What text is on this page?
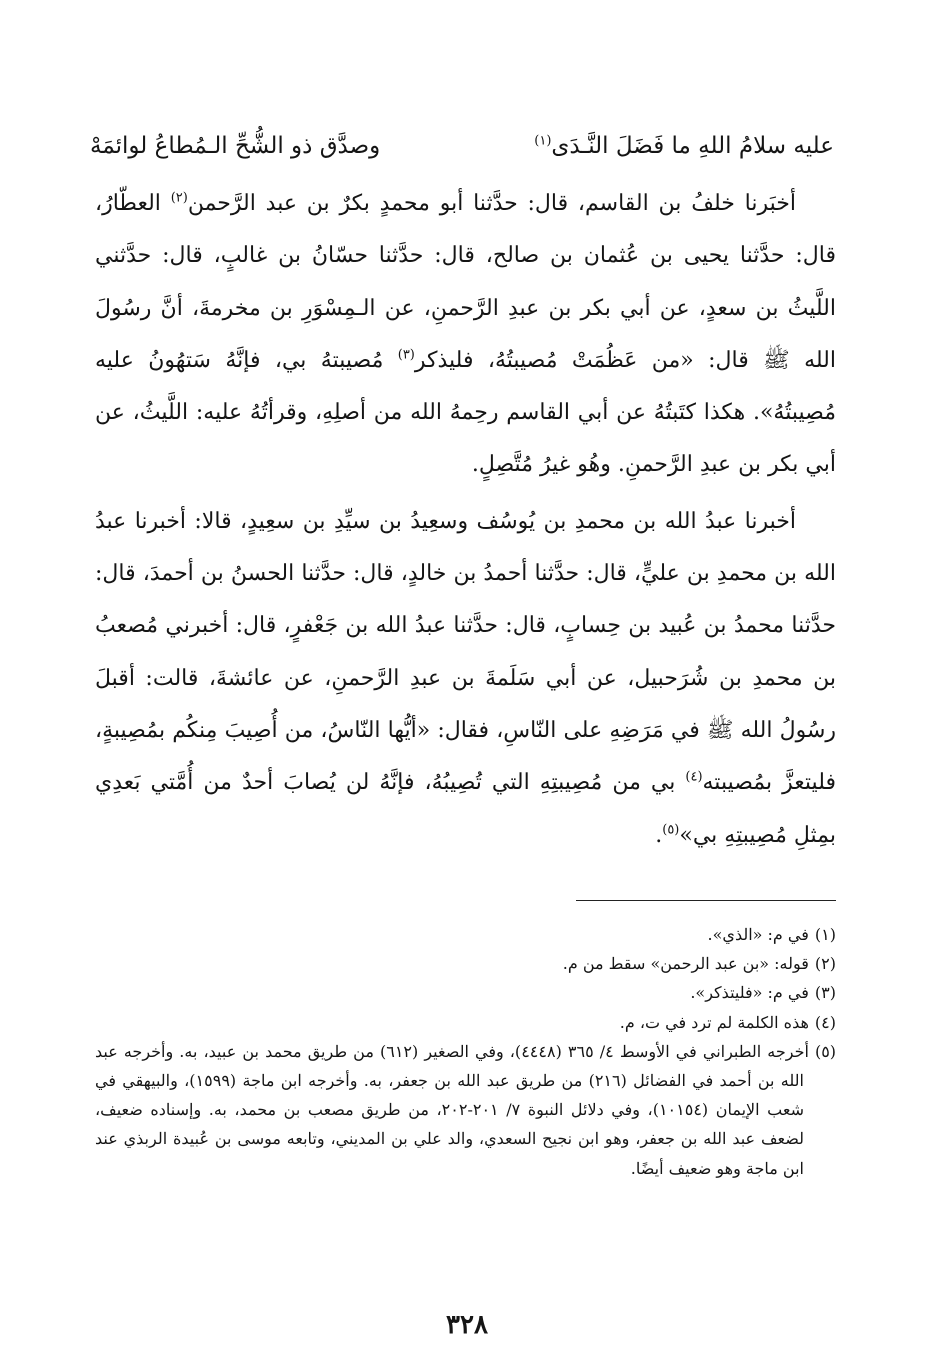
عليه سلامُ اللهِ ما فَضَلَ النَّـدَى$^{(١)}$
وصدَّق ذو الشُّحِّ الـمُطاعُ لوائمَهْ

أخبَرنا خلفُ بن القاسم، قال: حدَّثنا أبو محمدٍ بكرٌ بن عبد الرَّحمن$^{(٢)}$ العطّارُ، قال: حدَّثنا يحيى بن عُثمان بن صالح، قال: حدَّثنا حسّانُ بن غالبٍ، قال: حدَّثني اللَّيثُ بن سعدٍ، عن أبي بكر بن عبدِ الرَّحمنِ، عن الـمِسْوَرِ بن مخرمةَ، أنَّ رسُولَ الله ﷺ قال: «من عَظُمَتْ مُصيبتُهُ، فليذكر$^{(٣)}$ مُصيبتهُ بي، فإنَّهُ سَتهُونُ عليه مُصِيبتُهُ». هكذا كتَبتُهُ عن أبي القاسم رحِمهُ الله من أصلِهِ، وقرأتُهُ عليه: اللَّيثُ، عن أبي بكر بن عبدِ الرَّحمنِ. وهُو غيرُ مُتَّصِلٍ.

أخبرنا عبدُ الله بن محمدِ بن يُوسُف وسعِيدُ بن سيِّدِ بن سعِيدٍ، قالا: أخبرنا عبدُ الله بن محمدِ بن عليٍّ، قال: حدَّثنا أحمدُ بن خالدٍ، قال: حدَّثنا الحسنُ بن أحمدَ، قال: حدَّثنا محمدُ بن عُبيد بن حِسابٍ، قال: حدَّثنا عبدُ الله بن جَعْفرٍ، قال: أخبرني مُصعبُ بن محمدِ بن شُرَحبيل، عن أبي سَلَمةَ بن عبدِ الرَّحمنِ، عن عائشةَ، قالت: أقبلَ رسُولُ الله ﷺ في مَرَضِهِ على النّاسِ، فقال: «أيُّها النّاسُ، من أُصِيبَ مِنكُم بمُصِيبةٍ، فليتعزَّ بمُصيبته$^{(٤)}$ بي من مُصِيبتِهِ التي تُصِيبُهُ، فإنَّهُ لن يُصابَ أحدٌ من أُمَّتي بَعدِي بمِثلِ مُصِيبتِهِ بي»$^{(٥)}$.

(١)في م: «الذي».

(٢)قوله: «بن عبد الرحمن» سقط من م.

(٣)في م: «فليتذكر».

(٤)هذه الكلمة لم ترد في ت، م.

(٥)أخرجه الطبراني في الأوسط ٤/ ٣٦٥ (٤٤٤٨)، وفي الصغير (٦١٢) من طريق محمد بن عبيد، به. وأخرجه عبد الله بن أحمد في الفضائل (٢١٦) من طريق عبد الله بن جعفر، به. وأخرجه ابن ماجة (١٥٩٩)، والبيهقي في شعب الإيمان (١٠١٥٤)، وفي دلائل النبوة ٧/ ٢٠١-٢٠٢، من طريق مصعب بن محمد، به. وإسناده ضعيف، لضعف عبد الله بن جعفر، وهو ابن نجيح السعدي، والد علي بن المديني، وتابعه موسى بن عُبيدة الربذي عند ابن ماجة وهو ضعيف أيضًا.

٣٢٨
